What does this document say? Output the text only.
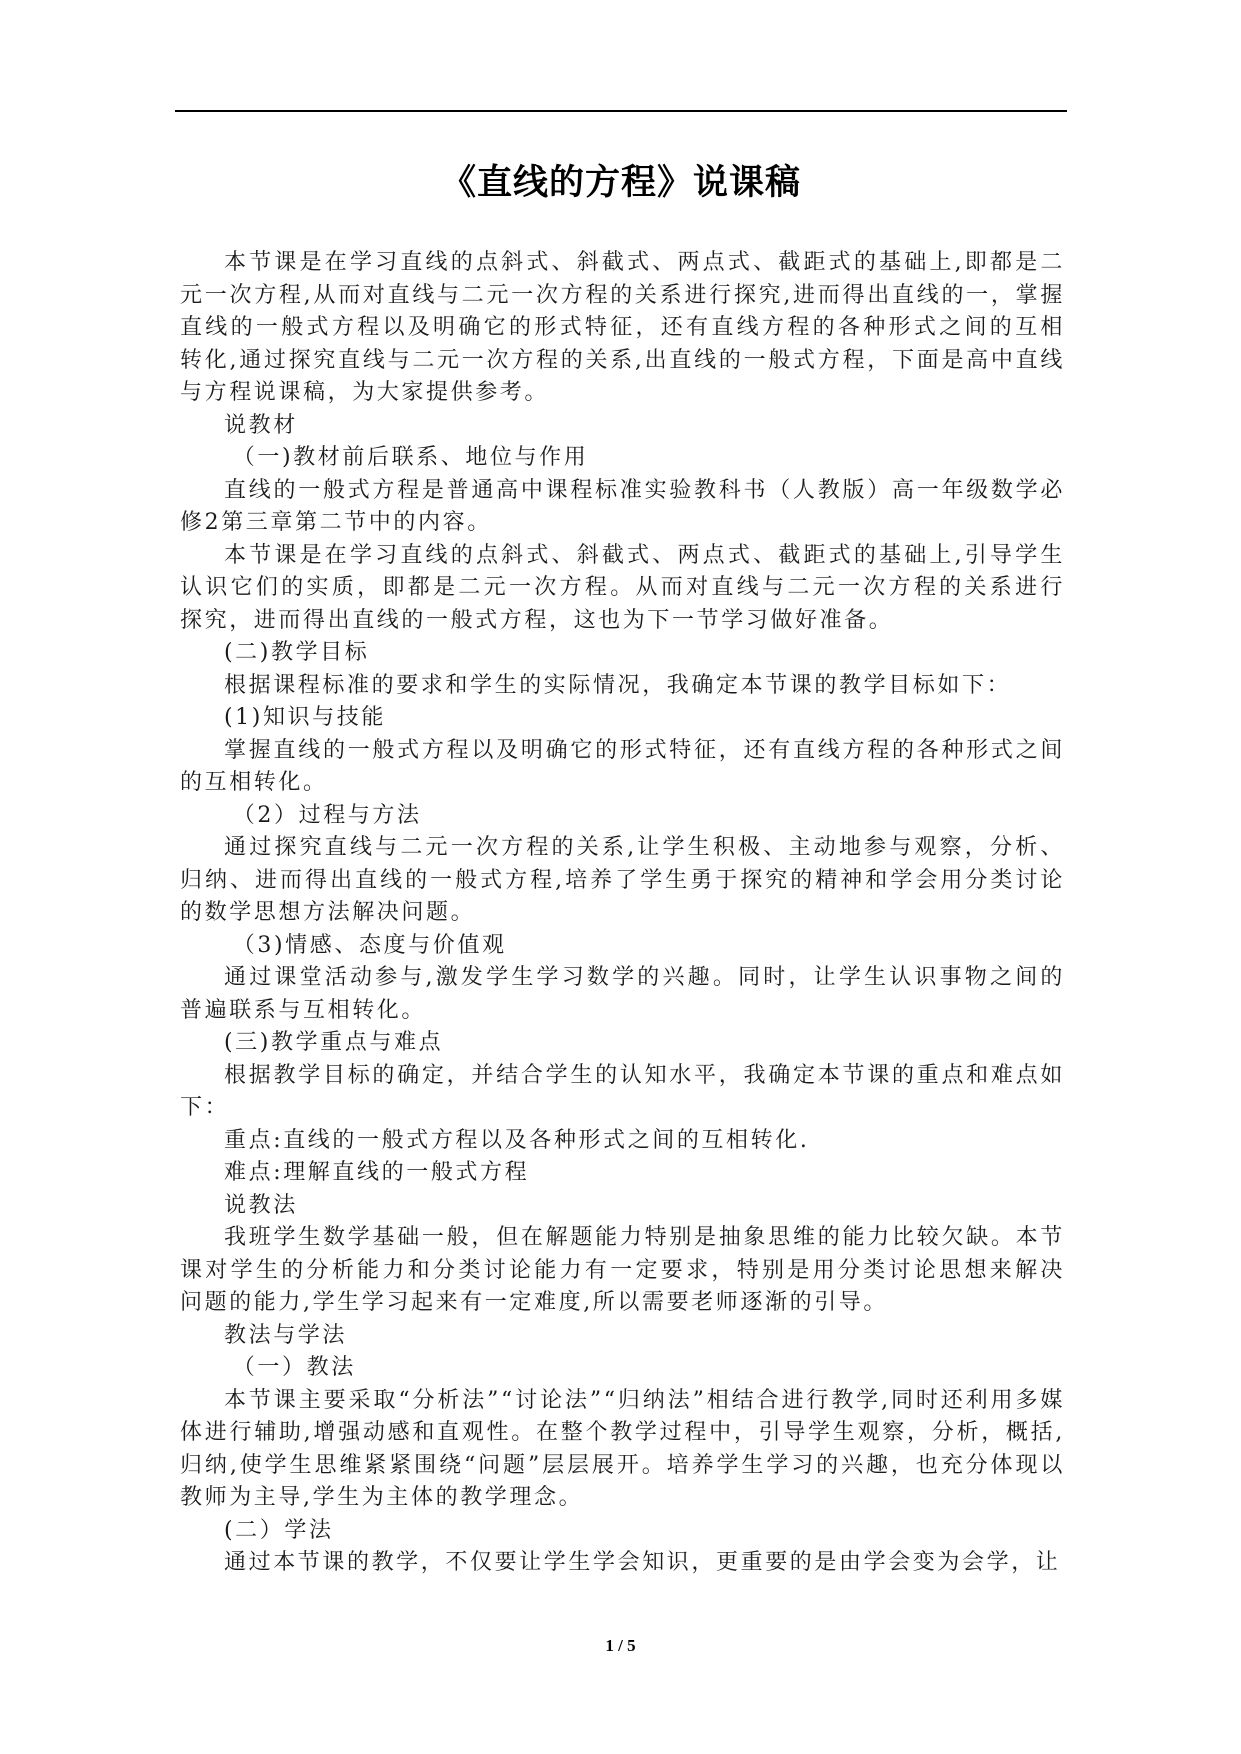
《直线的方程》说课稿

本节课是在学习直线的点斜式、斜截式、两点式、截距式的基础上,即都是二元一次方程,从而对直线与二元一次方程的关系进行探究,进而得出直线的一，掌握直线的一般式方程以及明确它的形式特征，还有直线方程的各种形式之间的互相转化,通过探究直线与二元一次方程的关系,出直线的一般式方程，下面是高中直线与方程说课稿，为大家提供参考。

说教材

（一)教材前后联系、地位与作用

直线的一般式方程是普通高中课程标准实验教科书（人教版）高一年级数学必修2第三章第二节中的内容。

本节课是在学习直线的点斜式、斜截式、两点式、截距式的基础上,引导学生认识它们的实质，即都是二元一次方程。从而对直线与二元一次方程的关系进行探究，进而得出直线的一般式方程，这也为下一节学习做好准备。

(二)教学目标

根据课程标准的要求和学生的实际情况，我确定本节课的教学目标如下：

(1)知识与技能

掌握直线的一般式方程以及明确它的形式特征，还有直线方程的各种形式之间的互相转化。

（2）过程与方法

通过探究直线与二元一次方程的关系,让学生积极、主动地参与观察，分析、归纳、进而得出直线的一般式方程,培养了学生勇于探究的精神和学会用分类讨论的数学思想方法解决问题。

（3)情感、态度与价值观

通过课堂活动参与,激发学生学习数学的兴趣。同时，让学生认识事物之间的普遍联系与互相转化。

(三)教学重点与难点

根据教学目标的确定，并结合学生的认知水平，我确定本节课的重点和难点如下：

重点:直线的一般式方程以及各种形式之间的互相转化.

难点:理解直线的一般式方程

说教法

我班学生数学基础一般，但在解题能力特别是抽象思维的能力比较欠缺。本节课对学生的分析能力和分类讨论能力有一定要求，特别是用分类讨论思想来解决问题的能力,学生学习起来有一定难度,所以需要老师逐渐的引导。

教法与学法

（一）教法

本节课主要采取“分析法”“讨论法”“归纳法”相结合进行教学,同时还利用多媒体进行辅助,增强动感和直观性。在整个教学过程中，引导学生观察，分析，概括,归纳,使学生思维紧紧围绕“问题”层层展开。培养学生学习的兴趣，也充分体现以教师为主导,学生为主体的教学理念。

(二）学法

通过本节课的教学，不仅要让学生学会知识，更重要的是由学会变为会学，让

1 / 5
